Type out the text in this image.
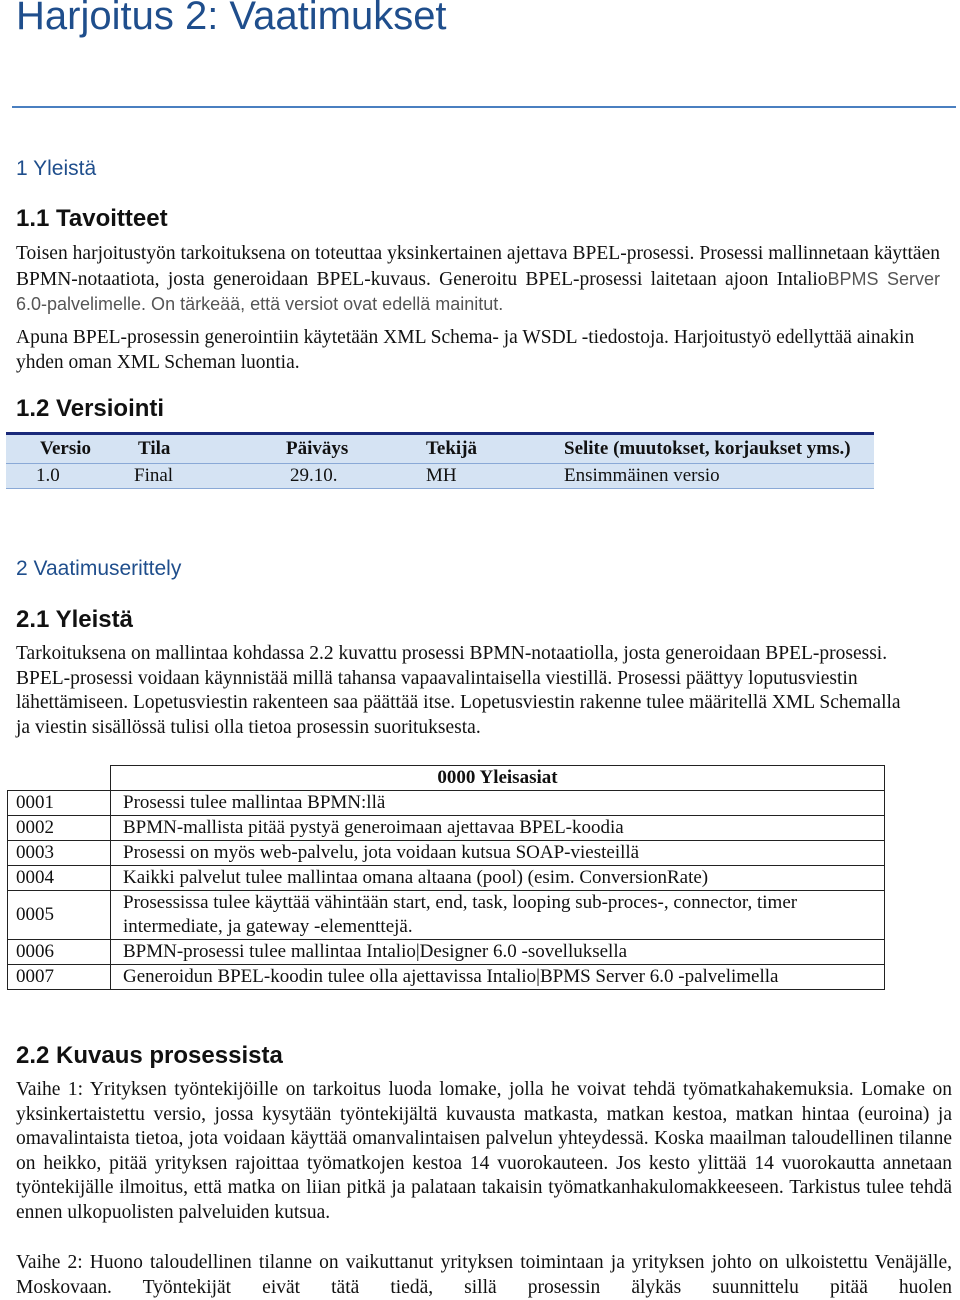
Harjoitus 2: Vaatimukset
1 Yleistä
1.1 Tavoitteet

Toisen harjoitustyön tarkoituksena on toteuttaa yksinkertainen ajettava BPEL-prosessi. Prosessi mallinnetaan käyttäen BPMN-notaatiota, josta generoidaan BPEL-kuvaus. Generoitu BPEL-prosessi laitetaan ajoon IntalioBPMS Server 6.0-palvelimelle. On tärkeää, että versiot ovat edellä mainitut.

Apuna BPEL-prosessin generointiin käytetään XML Schema- ja WSDL -tiedostoja. Harjoitustyö edellyttää ainakin yhden oman XML Scheman luontia.

1.2 Versiointi
Versio	Tila	Päiväys	Tekijä	Selite (muutokset, korjaukset yms.)
1.0	Final	29.10.	MH	Ensimmäinen versio
2 Vaatimuserittely
2.1 Yleistä

Tarkoituksena on mallintaa kohdassa 2.2 kuvattu prosessi BPMN-notaatiolla, josta generoidaan BPEL-prosessi. BPEL-prosessi voidaan käynnistää millä tahansa vapaavalintaisella viestillä. Prosessi päättyy loputusviestin lähettämiseen. Lopetusviestin rakenteen saa päättää itse. Lopetusviestin rakenne tulee määritellä XML Schemalla ja viestin sisällössä tulisi olla tietoa prosessin suorituksesta.

	0000 Yleisasiat
0001	Prosessi tulee mallintaa BPMN:llä
0002	BPMN-mallista pitää pystyä generoimaan ajettavaa BPEL-koodia
0003	Prosessi on myös web-palvelu, jota voidaan kutsua SOAP-viesteillä
0004	Kaikki palvelut tulee mallintaa omana altaana (pool) (esim. ConversionRate)
0005	Prosessissa tulee käyttää vähintään start, end, task, looping sub-proces-, connector, timer intermediate, ja gateway -elementtejä.
0006	BPMN-prosessi tulee mallintaa Intalio|Designer 6.0 -sovelluksella
0007	Generoidun BPEL-koodin tulee olla ajettavissa Intalio|BPMS Server 6.0 -palvelimella
2.2 Kuvaus prosessista

Vaihe 1: Yrityksen työntekijöille on tarkoitus luoda lomake, jolla he voivat tehdä työmatkahakemuksia. Lomake on yksinkertaistettu versio, jossa kysytään työntekijältä kuvausta matkasta, matkan kestoa, matkan hintaa (euroina) ja omavalintaista tietoa, jota voidaan käyttää omanvalintaisen palvelun yhteydessä. Koska maailman taloudellinen tilanne on heikko, pitää yrityksen rajoittaa työmatkojen kestoa 14 vuorokauteen. Jos kesto ylittää 14 vuorokautta annetaan työntekijälle ilmoitus, että matka on liian pitkä ja palataan takaisin työmatkanhakulomakkeeseen. Tarkistus tulee tehdä ennen ulkopuolisten palveluiden kutsua.

Vaihe 2: Huono taloudellinen tilanne on vaikuttanut yrityksen toimintaan ja yrityksen johto on ulkoistettu Venäjälle, Moskovaan. Työntekijät eivät tätä tiedä, sillä prosessin älykäs suunnittelu pitää huolen
